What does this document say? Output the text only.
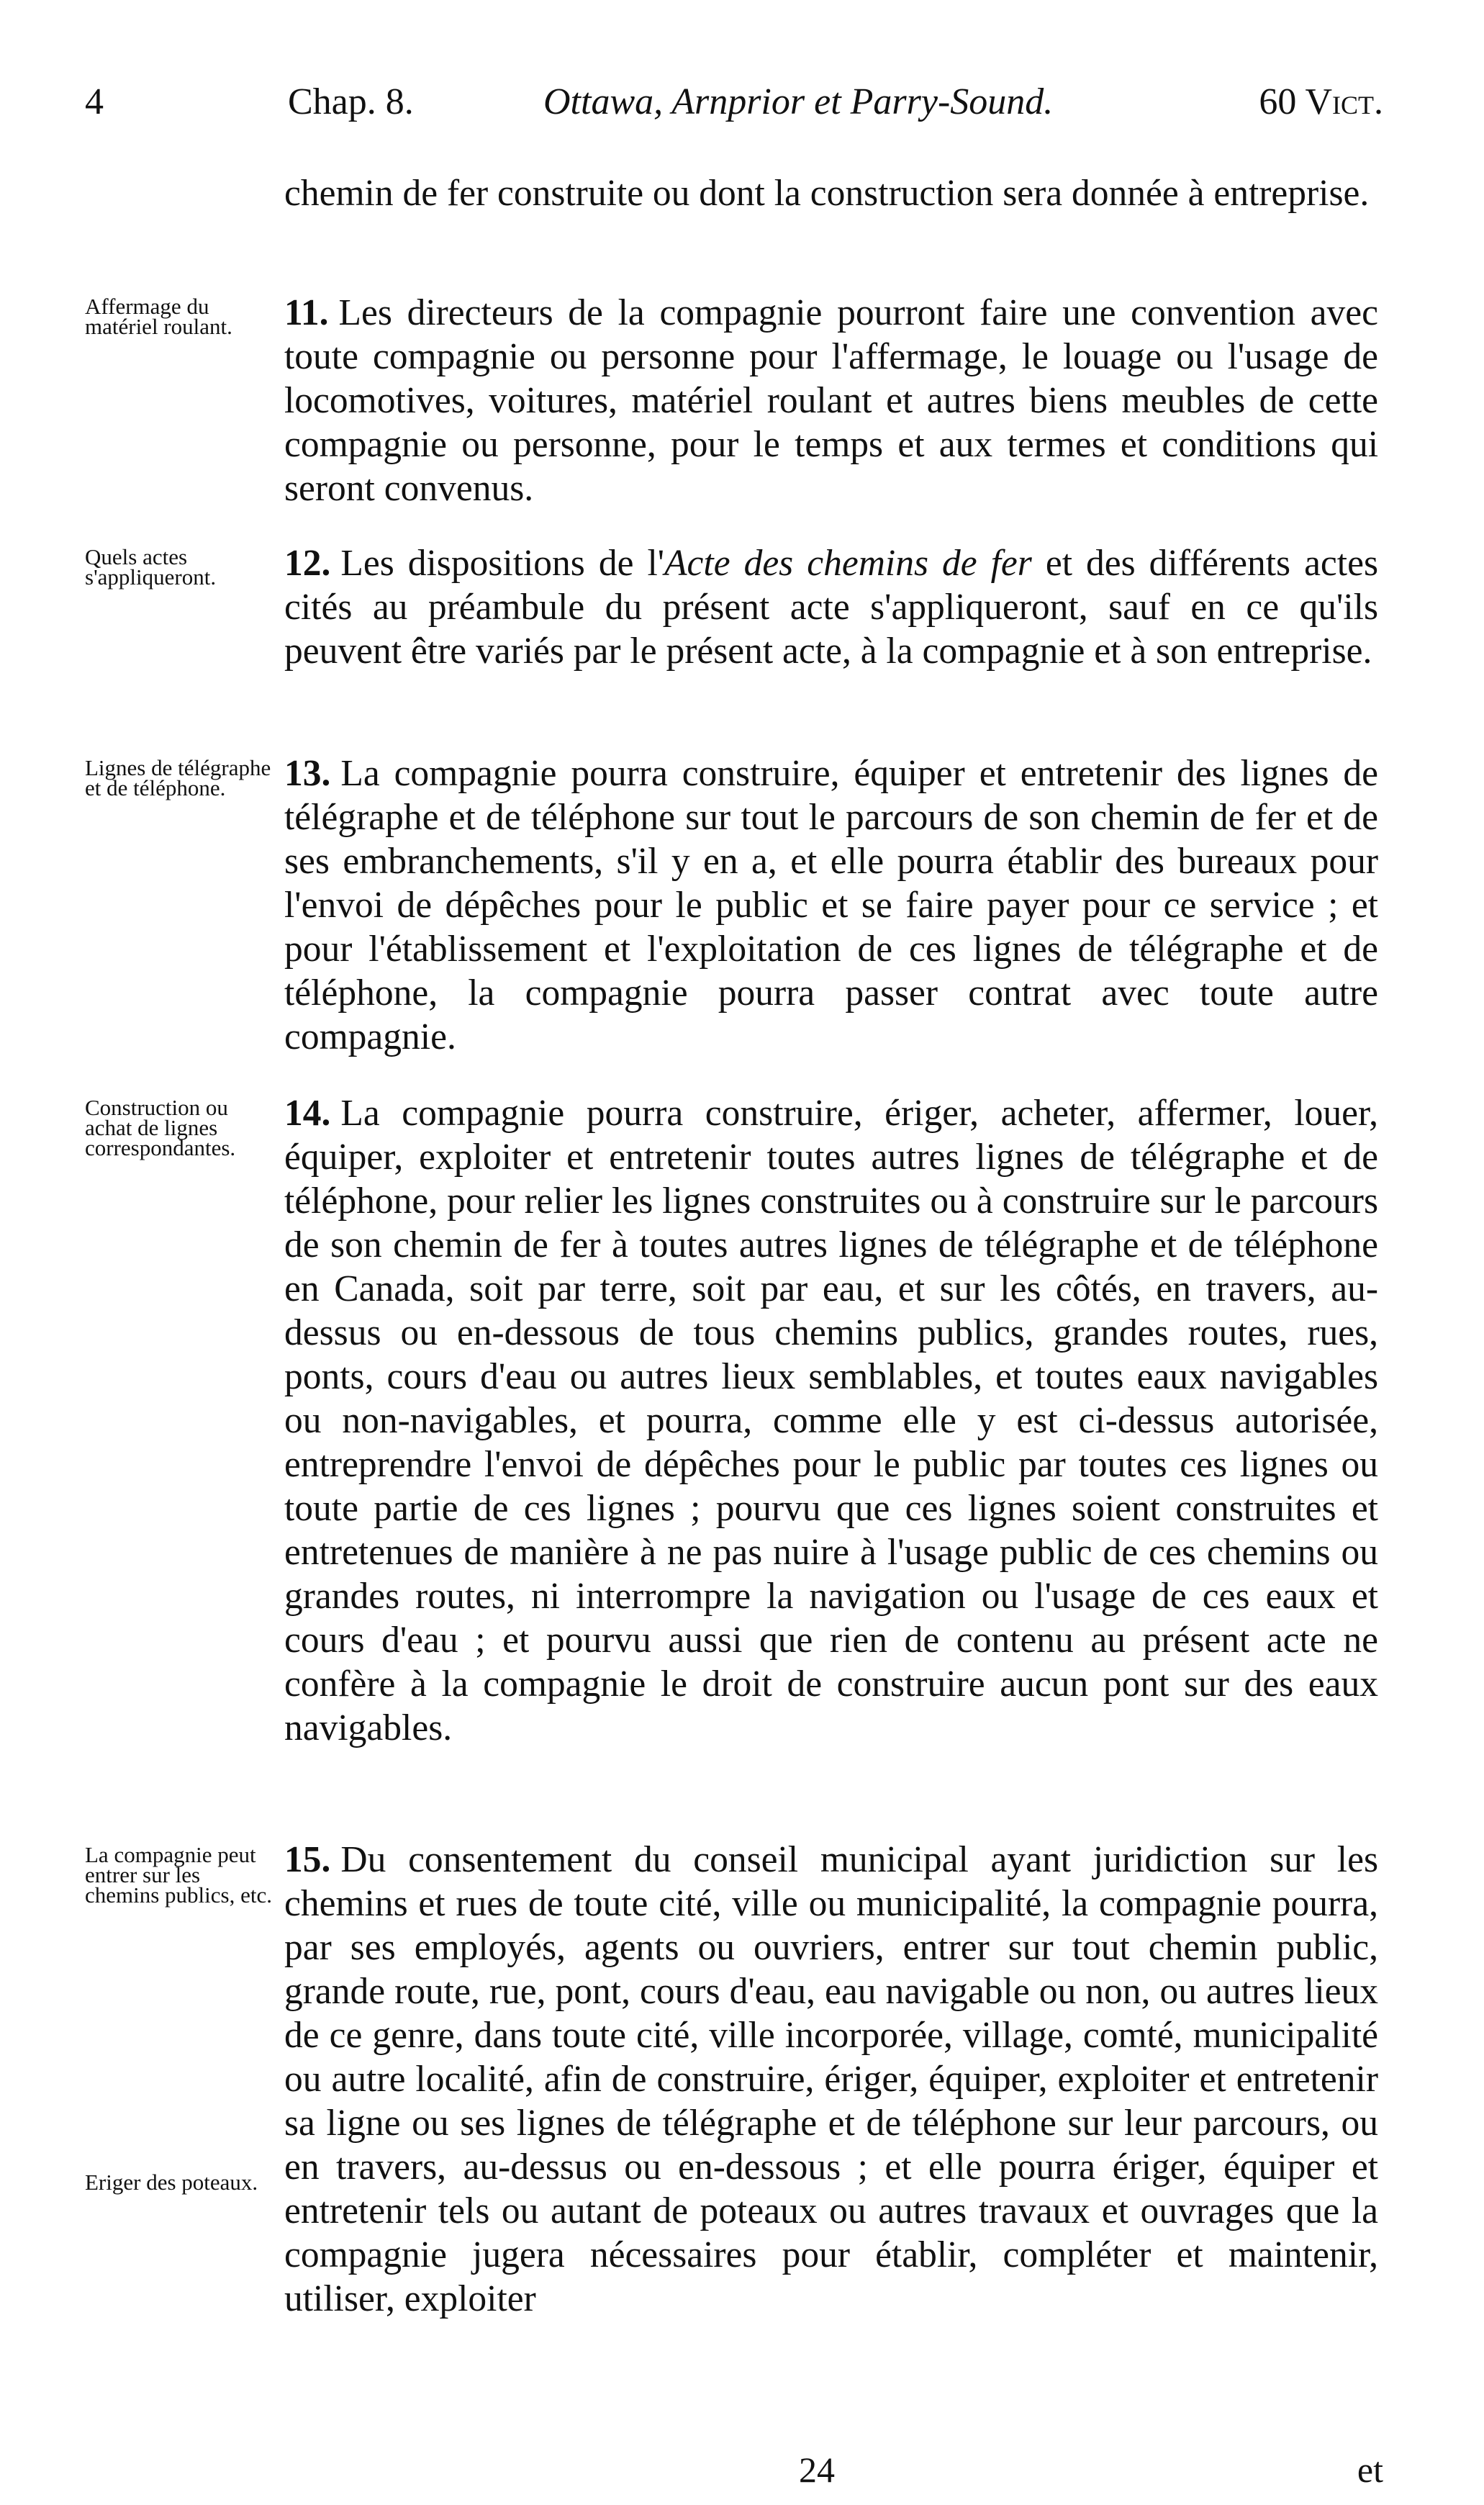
4	Chap. 8.	Ottawa, Arnprior et Parry-Sound.	60 Vict.
chemin de fer construite ou dont la construction sera donnée à entreprise.
Affermage du matériel roulant.	11. Les directeurs de la compagnie pourront faire une convention avec toute compagnie ou personne pour l'affermage, le louage ou l'usage de locomotives, voitures, matériel roulant et autres biens meubles de cette compagnie ou personne, pour le temps et aux termes et conditions qui seront convenus.
Quels actes s'appliqueront.	12. Les dispositions de l'Acte des chemins de fer et des différents actes cités au préambule du présent acte s'appliqueront, sauf en ce qu'ils peuvent être variés par le présent acte, à la compagnie et à son entreprise.
Lignes de télégraphe et de téléphone.	13. La compagnie pourra construire, équiper et entretenir des lignes de télégraphe et de téléphone sur tout le parcours de son chemin de fer et de ses embranchements, s'il y en a, et elle pourra établir des bureaux pour l'envoi de dépêches pour le public et se faire payer pour ce service ; et pour l'établissement et l'exploitation de ces lignes de télégraphe et de téléphone, la compagnie pourra passer contrat avec toute autre compagnie.
Construction ou achat de lignes correspondantes.
14. La compagnie pourra construire, ériger, acheter, affermer, louer, équiper, exploiter et entretenir toutes autres lignes de télégraphe et de téléphone, pour relier les lignes construites ou à construire sur le parcours de son chemin de fer à toutes autres lignes de télégraphe et de téléphone en Canada, soit par terre, soit par eau, et sur les côtés, en travers, au-dessus ou en-dessous de tous chemins publics, grandes routes, rues, ponts, cours d'eau ou autres lieux semblables, et toutes eaux navigables ou non-navigables, et pourra, comme elle y est ci-dessus autorisée, entreprendre l'envoi de dépêches pour le public par toutes ces lignes ou toute partie de ces lignes ; pourvu que ces lignes soient construites et entretenues de manière à ne pas nuire à l'usage public de ces chemins ou grandes routes, ni interrompre la navigation ou l'usage de ces eaux et cours d'eau ; et pourvu aussi que rien de contenu au présent acte ne confère à la compagnie le droit de construire aucun pont sur des eaux navigables.
La compagnie peut entrer sur les chemins publics, etc.
Eriger des poteaux.
15. Du consentement du conseil municipal ayant juridiction sur les chemins et rues de toute cité, ville ou municipalité, la compagnie pourra, par ses employés, agents ou ouvriers, entrer sur tout chemin public, grande route, rue, pont, cours d'eau, eau navigable ou non, ou autres lieux de ce genre, dans toute cité, ville incorporée, village, comté, municipalité ou autre localité, afin de construire, ériger, équiper, exploiter et entretenir sa ligne ou ses lignes de télégraphe et de téléphone sur leur parcours, ou en travers, au-dessus ou en-dessous ; et elle pourra ériger, équiper et entretenir tels ou autant de poteaux ou autres travaux et ouvrages que la compagnie jugera nécessaires pour établir, compléter et maintenir, utiliser, exploiter
24	et
